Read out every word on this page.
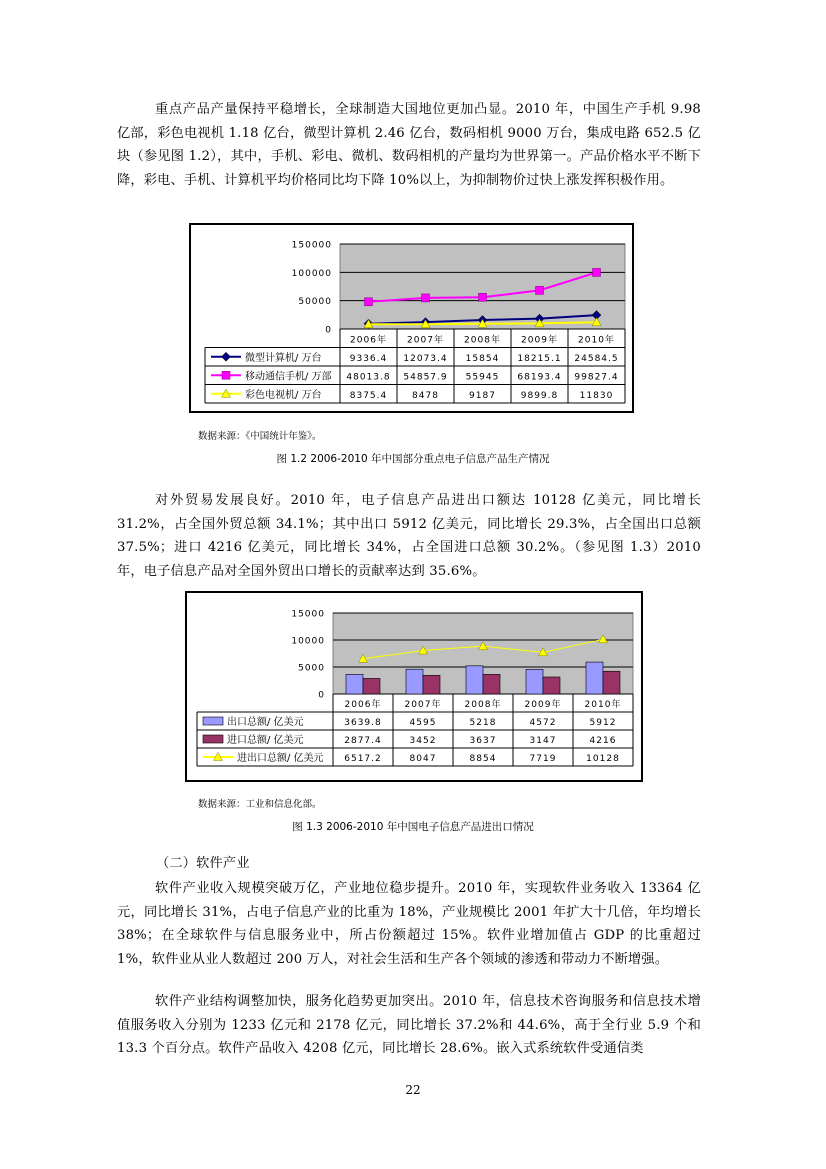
重点产品产量保持平稳增长，全球制造大国地位更加凸显。2010 年，中国生产手机 9.98 亿部，彩色电视机 1.18 亿台，微型计算机 2.46 亿台，数码相机 9000 万台，集成电路 652.5 亿块（参见图 1.2），其中，手机、彩电、微机、数码相机的产量均为世界第一。产品价格水平不断下降，彩电、手机、计算机平均价格同比均下降 10%以上，为抑制物价过快上涨发挥积极作用。

150000
100000
50000
0
2006年 2007年 2008年 2009年 2010年
微型计算机/ 万台	9336.4 12073.4 15854 18215.1 24584.5
移动通信手机/ 万部 48013.8 54857.9 55945 68193.4 99827.4
彩色电视机/ 万台	8375.4	8478	9187	9899.8 11830
数据来源：《中国统计年鉴》。
图 1.2 2006-2010 年中国部分重点电子信息产品生产情况

对外贸易发展良好。2010 年，电子信息产品进出口额达 10128 亿美元，同比增长 31.2%，占全国外贸总额 34.1%；其中出口 5912 亿美元，同比增长 29.3%，占全国出口总额 37.5%；进口 4216 亿美元，同比增长 34%，占全国进口总额 30.2%。（参见图 1.3）2010 年，电子信息产品对全国外贸出口增长的贡献率达到 35.6%。

15000
10000
5000
0
2006年	2007年	2008年	2009年	2010年
出口总额/ 亿美元	3639.8	4595	5218	4572	5912
进口总额/ 亿美元	2877.4	3452	3637	3147	4216
进出口总额/ 亿美元 6517.2	8047	8854	7719	10128
数据来源：工业和信息化部。
图 1.3 2006-2010 年中国电子信息产品进出口情况

（二）软件产业

软件产业收入规模突破万亿，产业地位稳步提升。2010 年，实现软件业务收入 13364 亿元，同比增长 31%，占电子信息产业的比重为 18%，产业规模比 2001 年扩大十几倍，年均增长 38%；在全球软件与信息服务业中，所占份额超过 15%。软件业增加值占 GDP 的比重超过 1%，软件业从业人数超过 200 万人，对社会生活和生产各个领域的渗透和带动力不断增强。

软件产业结构调整加快，服务化趋势更加突出。2010 年，信息技术咨询服务和信息技术增值服务收入分别为 1233 亿元和 2178 亿元，同比增长 37.2%和 44.6%，高于全行业 5.9 个和 13.3 个百分点。软件产品收入 4208 亿元，同比增长 28.6%。嵌入式系统软件受通信类

22
